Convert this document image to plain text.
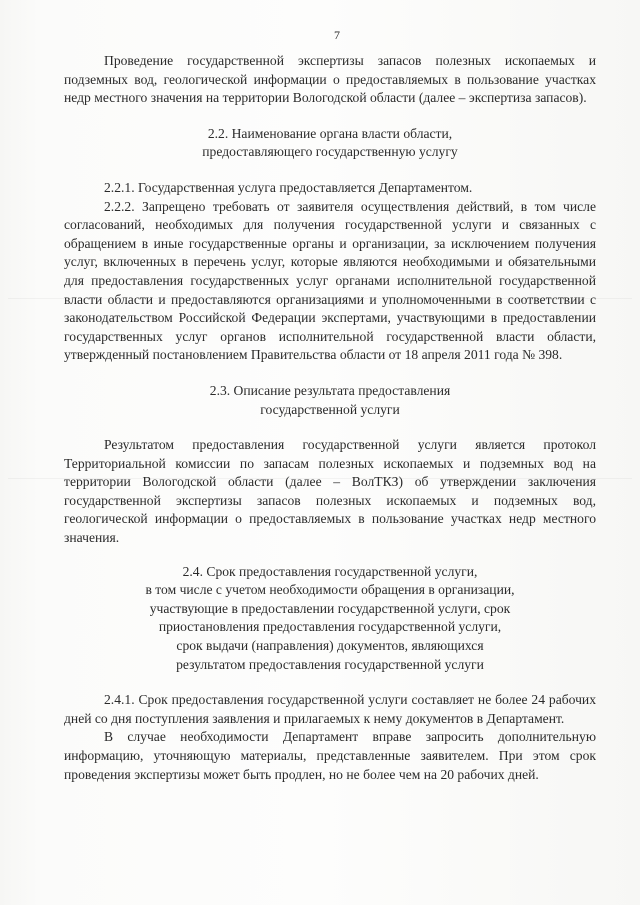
7

Проведение государственной экспертизы запасов полезных ископаемых и подземных вод, геологической информации о предоставляемых в пользование участках недр местного значения на территории Вологодской области (далее – экспертиза запасов).

2.2. Наименование органа власти области,

предоставляющего государственную услугу

2.2.1. Государственная услуга предоставляется Департаментом.

2.2.2. Запрещено требовать от заявителя осуществления действий, в том числе согласований, необходимых для получения государственной услуги и связанных с обращением в иные государственные органы и организации, за исключением получения услуг, включенных в перечень услуг, которые являются необходимыми и обязательными для предоставления государственных услуг органами исполнительной государственной власти области и предоставляются организациями и уполномоченными в соответствии с законодательством Российской Федерации экспертами, участвующими в предоставлении государственных услуг органов исполнительной государственной власти области, утвержденный постановлением Правительства области от 18 апреля 2011 года № 398.

2.3. Описание результата предоставления

государственной услуги

Результатом предоставления государственной услуги является протокол Территориальной комиссии по запасам полезных ископаемых и подземных вод на территории Вологодской области (далее – ВолТКЗ) об утверждении заключения государственной экспертизы запасов полезных ископаемых и подземных вод, геологической информации о предоставляемых в пользование участках недр местного значения.

2.4. Срок предоставления государственной услуги,

в том числе с учетом необходимости обращения в организации,

участвующие в предоставлении государственной услуги, срок

приостановления предоставления государственной услуги,

срок выдачи (направления) документов, являющихся

результатом предоставления государственной услуги

2.4.1. Срок предоставления государственной услуги составляет не более 24 рабочих дней со дня поступления заявления и прилагаемых к нему документов в Департамент.

В случае необходимости Департамент вправе запросить дополнительную информацию, уточняющую материалы, представленные заявителем. При этом срок проведения экспертизы может быть продлен, но не более чем на 20 рабочих дней.
